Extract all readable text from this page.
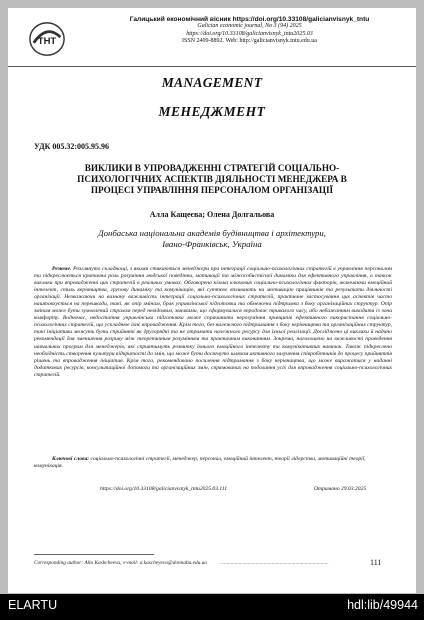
ТНТ
Галицький економічний вісник https://doi.org/10.33108/galicianvisnyk_tntu
Galician economic journal, No 3 (94) 2025
https://doi.org/10.33108/galicianvisnyk_tntu2025.03
ISSN 2409-8892. Web: http://galicianvisnyk.tntu.edu.ua
MANAGEMENT
МЕНЕДЖМЕНТ
УДК 005.32:005.95.96
ВИКЛИКИ В УПРОВАДЖЕННІ СТРАТЕГІЙ СОЦІАЛЬНО-
ПСИХОЛОГІЧНИХ АСПЕКТІВ ДІЯЛЬНОСТІ МЕНЕДЖЕРА В
ПРОЦЕСІ УПРАВЛІННЯ ПЕРСОНАЛОМ ОРГАНІЗАЦІЇ
Алла Кащеєва; Олена Долгальова
Донбаська національна академія будівництва і архітектури,
Івано-Франківськ, Україна
Резюме. Розглянуто складнощі, з якими стикаються менеджери при інтеграції соціально-психологічних стратегій в управління персоналом та підкреслюється критична роль розуміння людської поведінки, мотивації та міжособистісної динаміки для ефективного управління, а також виклики при впровадженні цих стратегій в реальних умовах. Обговорено кілька ключових соціально-психологічних факторів, включаючи емоційний інтелект, стиль керівництва, групову динаміку та комунікацію, які суттєво впливають на мотивацію працівників та результати діяльності організації. Незважаючи на визнану важливість інтеграції соціально-психологічних стратегій, практичне застосування цих аспектів часто наштовхується на перешкоди, такі, як опір змінам, брак управлінської підготовки та обмежена підтримка з боку організаційних структур. Опір змінам може бути зумовлений страхом перед невідомим, звичками, що сформувалися впродовж тривалого часу, або небажанням виходити із зони комфорту. Водночас, недостатня управлінська підготовка може спричинити нерозуміння принципів ефективного використання соціально-психологічних стратегій, що ускладнює їхнє впровадження. Крім того, без належного підтримання з боку керівництва та організаційних структур, такі ініціативи можуть бути сприйняті як другорядні та не отримати належного ресурсу для їхньої реалізації. Досліджено ці виклики й надано рекомендації для зменшення розриву між теоретичним розумінням та практичним виконанням. Зокрема, наголошено на важливості проведення навчальних програм для менеджерів, які сприятимуть розвитку їхнього емоційного інтелекту та комунікативних навичок. Також підкреслено необхідність створення культури відкритості до змін, що може бути досягнуто шляхом активного залучення співробітників до процесу прийняття рішень та впровадження ініціатив. Крім того, рекомендовано посилення підтримання з боку керівництва, що може виражатися у наданні додаткових ресурсів, консультаційної допомоги та організаційних змін, спрямованих на подолання усіх для впровадження соціально-психологічних стратегій.
Ключові слова: соціально-психологічні стратегії, менеджер, персонал, емоційний інтелект, теорії лідерства, мотиваційні теорії, комунікація.
https://doi.org/10.33108/galicianvisnyk_tntu2025.03.111	Отримано 29.03.2025
Corresponding author: Alla Kashcheeva; e-mail: a.kascheyeva@donnaba.edu.ua ..................................................................................	111
ELARTU	hdl:lib/49944
